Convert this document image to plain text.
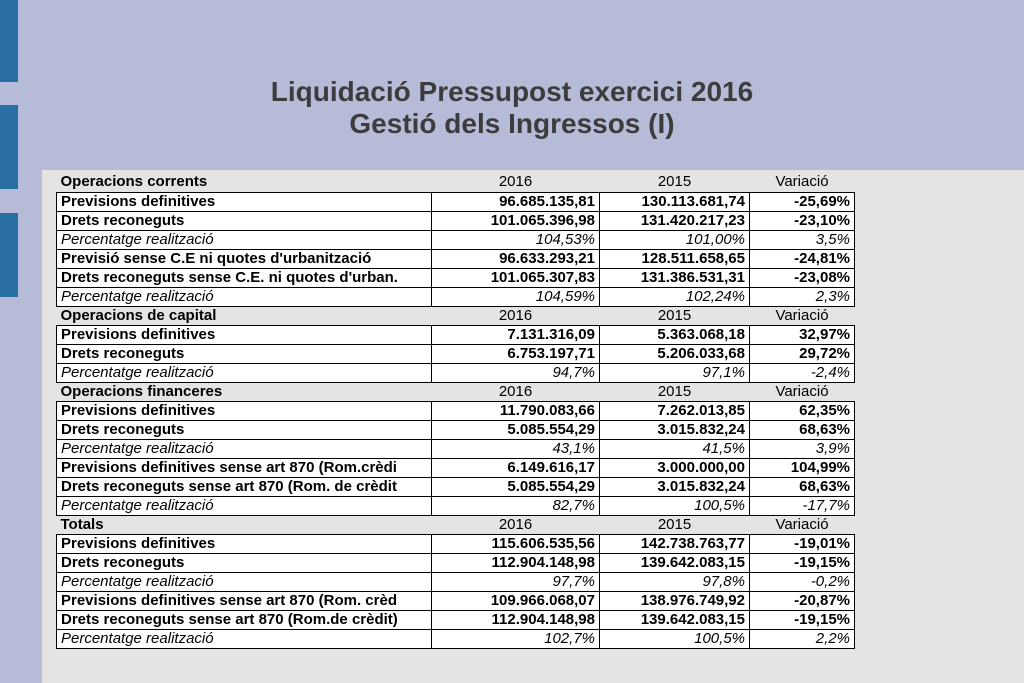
Liquidació Pressupost exercici 2016
Gestió dels Ingressos (I)
Operacions corrents	2016	2015	Variació
Previsions definitives	96.685.135,81	130.113.681,74	-25,69%
Drets reconeguts	101.065.396,98	131.420.217,23	-23,10%
Percentatge realització	104,53%	101,00%	3,5%
Previsió sense C.E ni quotes d'urbanització	96.633.293,21	128.511.658,65	-24,81%
Drets reconeguts sense C.E. ni quotes d'urban.	101.065.307,83	131.386.531,31	-23,08%
Percentatge realització	104,59%	102,24%	2,3%
Operacions de capital	2016	2015	Variació
Previsions definitives	7.131.316,09	5.363.068,18	32,97%
Drets reconeguts	6.753.197,71	5.206.033,68	29,72%
Percentatge realització	94,7%	97,1%	-2,4%
Operacions financeres	2016	2015	Variació
Previsions definitives	11.790.083,66	7.262.013,85	62,35%
Drets reconeguts	5.085.554,29	3.015.832,24	68,63%
Percentatge realització	43,1%	41,5%	3,9%
Previsions definitives sense art 870 (Rom.crèdi	6.149.616,17	3.000.000,00	104,99%
Drets reconeguts sense art 870 (Rom. de crèdit	5.085.554,29	3.015.832,24	68,63%
Percentatge realització	82,7%	100,5%	-17,7%
Totals	2016	2015	Variació
Previsions definitives	115.606.535,56	142.738.763,77	-19,01%
Drets reconeguts	112.904.148,98	139.642.083,15	-19,15%
Percentatge realització	97,7%	97,8%	-0,2%
Previsions definitives sense art 870 (Rom. crèd	109.966.068,07	138.976.749,92	-20,87%
Drets reconeguts sense art 870 (Rom.de crèdit)	112.904.148,98	139.642.083,15	-19,15%
Percentatge realització	102,7%	100,5%	2,2%
